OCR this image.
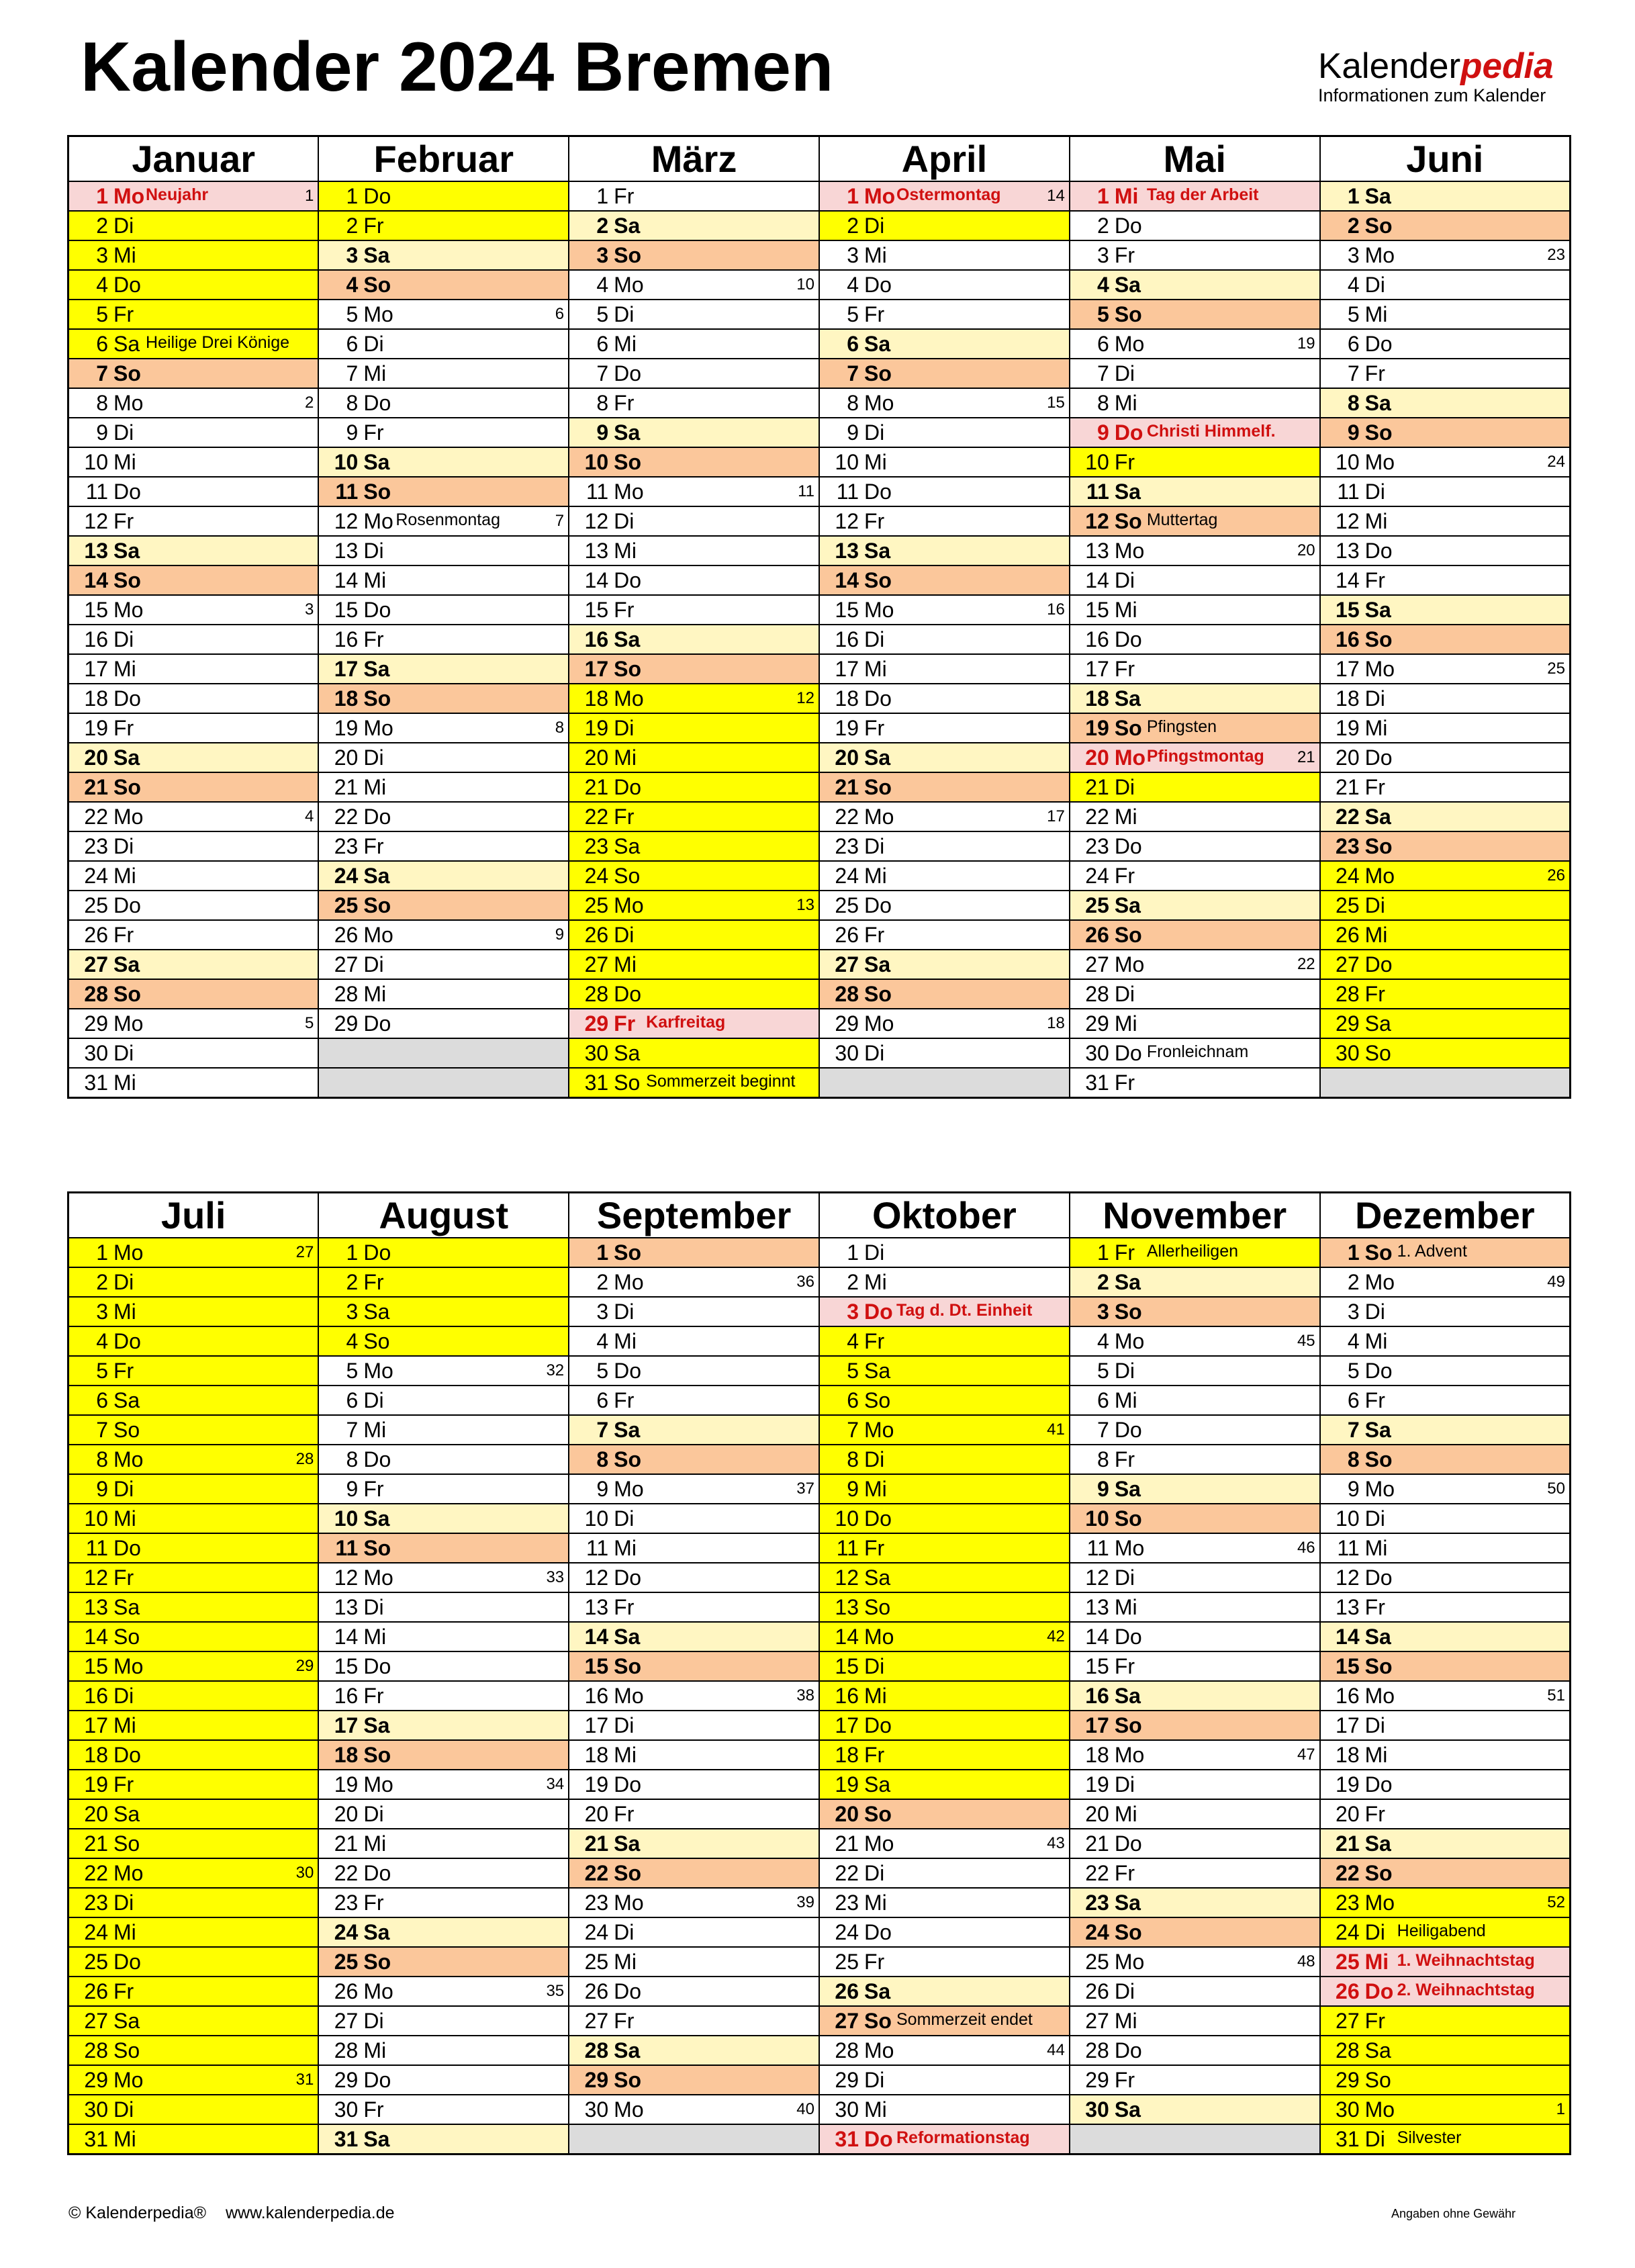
Kalender 2024 Bremen	Kalenderpedia
Informationen zum Kalender
Januar	Februar	März	April	Mai	Juni

1 Mo Neujahr 1	1 Do	1 Fr	1 Mo Ostermontag 14	1 Mi Tag der Arbeit	1 Sa

2 Di	2 Fr	2 Sa	2 Di	2 Do	2 So

3 Mi	3 Sa	3 So	3 Mi	3 Fr	3 Mo 23

4 Do	4 So	4 Mo 10	4 Do	4 Sa	4 Di

5 Fr	5 Mo 6	5 Di	5 Fr	5 So	5 Mi

6 Sa Heilige Drei Könige	6 Di	6 Mi	6 Sa	6 Mo 19	6 Do

7 So	7 Mi	7 Do	7 So	7 Di	7 Fr

8 Mo 2	8 Do	8 Fr	8 Mo 15	8 Mi	8 Sa

9 Di	9 Fr	9 Sa	9 Di	9 Do Christi Himmelf.	9 So

10 Mi	10 Sa	10 So	10 Mi	10 Fr	10 Mo 24

11 Do	11 So	11 Mo 11	11 Do	11 Sa	11 Di

12 Fr	12 Mo Rosenmontag 7	12 Di	12 Fr	12 So Muttertag	12 Mi

13 Sa	13 Di	13 Mi	13 Sa	13 Mo 20	13 Do

14 So	14 Mi	14 Do	14 So	14 Di	14 Fr

15 Mo 3	15 Do	15 Fr	15 Mo 16	15 Mi	15 Sa

16 Di	16 Fr	16 Sa	16 Di	16 Do	16 So

17 Mi	17 Sa	17 So	17 Mi	17 Fr	17 Mo 25

18 Do	18 So	18 Mo 12	18 Do	18 Sa	18 Di

19 Fr	19 Mo 8	19 Di	19 Fr	19 So Pfingsten	19 Mi

20 Sa	20 Di	20 Mi	20 Sa	20 Mo Pfingstmontag 21	20 Do

21 So	21 Mi	21 Do	21 So	21 Di	21 Fr

22 Mo 4	22 Do	22 Fr	22 Mo 17	22 Mi	22 Sa

23 Di	23 Fr	23 Sa	23 Di	23 Do	23 So

24 Mi	24 Sa	24 So	24 Mi	24 Fr	24 Mo 26

25 Do	25 So	25 Mo 13	25 Do	25 Sa	25 Di

26 Fr	26 Mo 9	26 Di	26 Fr	26 So	26 Mi

27 Sa	27 Di	27 Mi	27 Sa	27 Mo 22	27 Do

28 So	28 Mi	28 Do	28 So	28 Di	28 Fr

29 Mo 5	29 Do	29 Fr Karfreitag	29 Mo 18	29 Mi	29 Sa

30 Di		30 Sa	30 Di	30 Do Fronleichnam	30 So

31 Mi		31 So Sommerzeit beginnt		31 Fr	

Juli	August	September	Oktober	November	Dezember

1 Mo 27	1 Do	1 So	1 Di	1 Fr Allerheiligen	1 So 1. Advent

2 Di	2 Fr	2 Mo 36	2 Mi	2 Sa	2 Mo 49

3 Mi	3 Sa	3 Di	3 Do Tag d. Dt. Einheit	3 So	3 Di

4 Do	4 So	4 Mi	4 Fr	4 Mo 45	4 Mi

5 Fr	5 Mo 32	5 Do	5 Sa	5 Di	5 Do

6 Sa	6 Di	6 Fr	6 So	6 Mi	6 Fr

7 So	7 Mi	7 Sa	7 Mo 41	7 Do	7 Sa

8 Mo 28	8 Do	8 So	8 Di	8 Fr	8 So

9 Di	9 Fr	9 Mo 37	9 Mi	9 Sa	9 Mo 50

10 Mi	10 Sa	10 Di	10 Do	10 So	10 Di

11 Do	11 So	11 Mi	11 Fr	11 Mo 46	11 Mi

12 Fr	12 Mo 33	12 Do	12 Sa	12 Di	12 Do

13 Sa	13 Di	13 Fr	13 So	13 Mi	13 Fr

14 So	14 Mi	14 Sa	14 Mo 42	14 Do	14 Sa

15 Mo 29	15 Do	15 So	15 Di	15 Fr	15 So

16 Di	16 Fr	16 Mo 38	16 Mi	16 Sa	16 Mo 51

17 Mi	17 Sa	17 Di	17 Do	17 So	17 Di

18 Do	18 So	18 Mi	18 Fr	18 Mo 47	18 Mi

19 Fr	19 Mo 34	19 Do	19 Sa	19 Di	19 Do

20 Sa	20 Di	20 Fr	20 So	20 Mi	20 Fr

21 So	21 Mi	21 Sa	21 Mo 43	21 Do	21 Sa

22 Mo 30	22 Do	22 So	22 Di	22 Fr	22 So

23 Di	23 Fr	23 Mo 39	23 Mi	23 Sa	23 Mo 52

24 Mi	24 Sa	24 Di	24 Do	24 So	24 Di Heiligabend

25 Do	25 So	25 Mi	25 Fr	25 Mo 48	25 Mi 1. Weihnachtstag

26 Fr	26 Mo 35	26 Do	26 Sa	26 Di	26 Do 2. Weihnachtstag

27 Sa	27 Di	27 Fr	27 So Sommerzeit endet	27 Mi	27 Fr

28 So	28 Mi	28 Sa	28 Mo 44	28 Do	28 Sa

29 Mo 31	29 Do	29 So	29 Di	29 Fr	29 So

30 Di	30 Fr	30 Mo 40	30 Mi	30 Sa	30 Mo 1

31 Mi	31 Sa		31 Do Reformationstag		31 Di Silvester
© Kalenderpedia® www.kalenderpedia.de	Angaben ohne Gewähr
